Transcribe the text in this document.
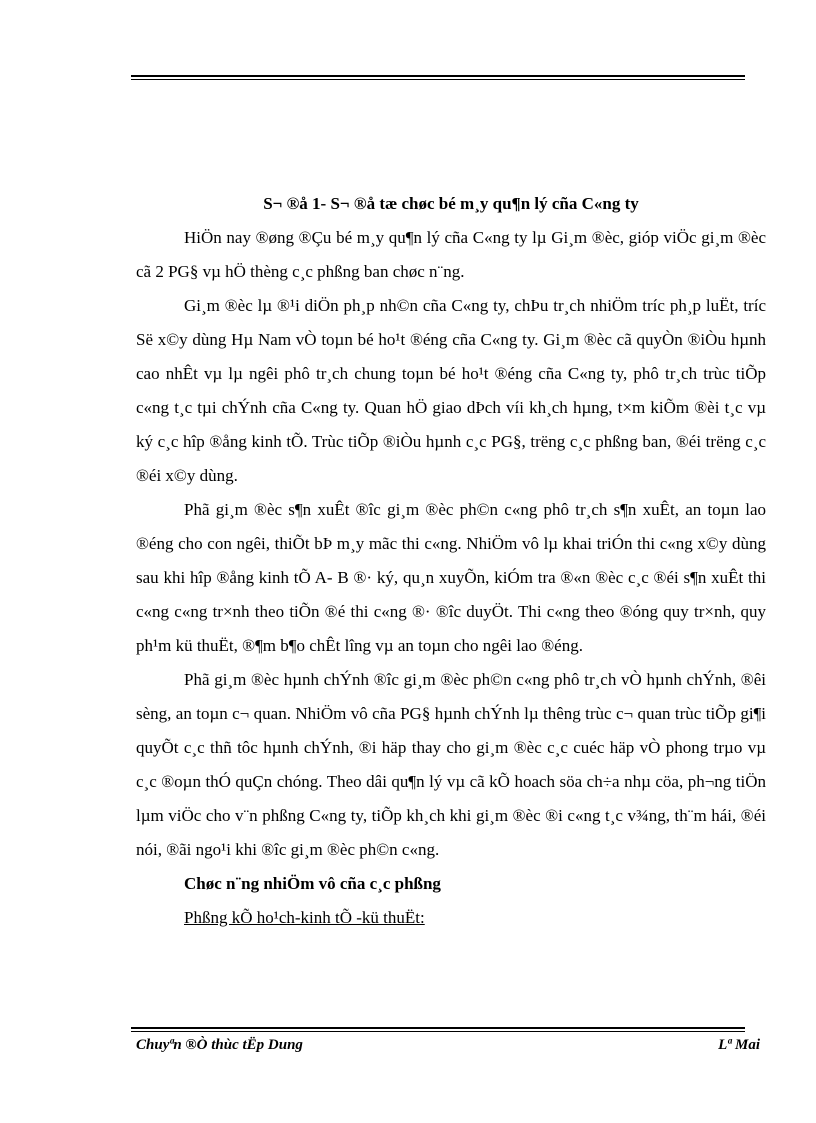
S¬ ®å 1- S¬ ®å tæ chøc bé m¸y qu¶n lý cña C«ng ty

HiÖn nay ®øng ®Çu bé m¸y qu¶n lý cña C«ng ty lµ Gi¸m ®èc, gióp viÖc gi¸m ®èc cã 2 PG§ vµ hÖ thèng c¸c phßng ban chøc n¨ng.

Gi¸m ®èc lµ ®¹i diÖn ph¸p nh©n cña C«ng ty, chÞu tr¸ch nhiÖm tríc ph¸p luËt, tríc Së x©y dùng Hµ Nam vÒ toµn bé ho¹t ®éng cña C«ng ty. Gi¸m ®èc cã quyÒn ®iÒu hµnh cao nhÊt vµ lµ ngêi phô tr¸ch chung toµn bé ho¹t ®éng cña C«ng ty, phô tr¸ch trùc tiÕp c«ng t¸c tµi chÝnh cña C«ng ty. Quan hÖ giao dÞch víi kh¸ch hµng, t×m kiÕm ®èi t¸c vµ ký c¸c hîp ®ång kinh tÕ. Trùc tiÕp ®iÒu hµnh c¸c PG§, trëng c¸c phßng ban, ®éi trëng c¸c ®éi x©y dùng.

Phã gi¸m ®èc s¶n xuÊt ®îc gi¸m ®èc ph©n c«ng phô tr¸ch s¶n xuÊt, an toµn lao ®éng cho con ngêi, thiÕt bÞ m¸y mãc thi c«ng. NhiÖm vô lµ khai triÓn thi c«ng x©y dùng sau khi hîp ®ång kinh tÕ A- B ®· ký, qu¸n xuyÕn, kiÓm tra ®«n ®èc c¸c ®éi s¶n xuÊt thi c«ng c«ng tr×nh theo tiÕn ®é thi c«ng ®· ®îc duyÖt. Thi c«ng theo ®óng quy tr×nh, quy ph¹m kü thuËt, ®¶m b¶o chÊt lîng vµ an toµn cho ngêi lao ®éng.

Phã gi¸m ®èc hµnh chÝnh ®îc gi¸m ®èc ph©n c«ng phô tr¸ch vÒ hµnh chÝnh, ®êi sèng, an toµn c¬ quan. NhiÖm vô cña PG§ hµnh chÝnh lµ thêng trùc c¬ quan trùc tiÕp gi¶i quyÕt c¸c thñ tôc hµnh chÝnh, ®i häp thay cho gi¸m ®èc c¸c cuéc häp vÒ phong trµo vµ c¸c ®oµn thÓ quÇn chóng. Theo dâi qu¶n lý vµ cã kÕ hoach söa ch÷a nhµ cöa, ph¬ng tiÖn lµm viÖc cho v¨n phßng C«ng ty, tiÕp kh¸ch khi gi¸m ®èc ®i c«ng t¸c v¾ng, th¨m hái, ®éi nói, ®ãi ngo¹i khi ®îc gi¸m ®èc ph©n c«ng.

Chøc n¨ng nhiÖm vô cña c¸c phßng

Phßng kÕ ho¹ch-kinh tÕ -kü thuËt:

Chuyªn ®Ò thùc tËp Dung	Lª Mai
